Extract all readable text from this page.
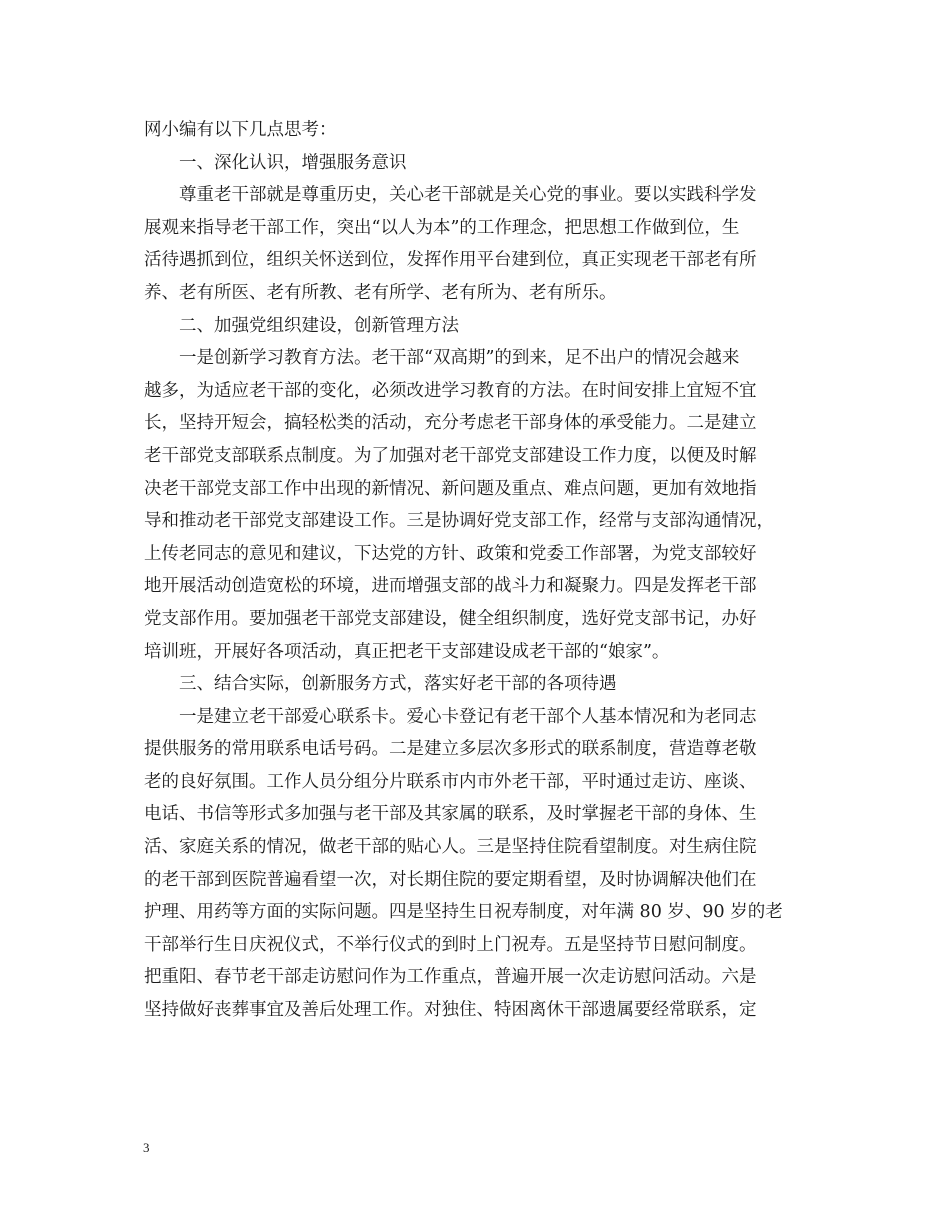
网小编有以下几点思考：

一、深化认识，增强服务意识

尊重老干部就是尊重历史，关心老干部就是关心党的事业。要以实践科学发

展观来指导老干部工作，突出“以人为本”的工作理念，把思想工作做到位，生

活待遇抓到位，组织关怀送到位，发挥作用平台建到位，真正实现老干部老有所

养、老有所医、老有所教、老有所学、老有所为、老有所乐。

二、加强党组织建设，创新管理方法

一是创新学习教育方法。老干部“双高期”的到来，足不出户的情况会越来

越多，为适应老干部的变化，必须改进学习教育的方法。在时间安排上宜短不宜

长，坚持开短会，搞轻松类的活动，充分考虑老干部身体的承受能力。二是建立

老干部党支部联系点制度。为了加强对老干部党支部建设工作力度，以便及时解

决老干部党支部工作中出现的新情况、新问题及重点、难点问题，更加有效地指

导和推动老干部党支部建设工作。三是协调好党支部工作，经常与支部沟通情况，

上传老同志的意见和建议，下达党的方针、政策和党委工作部署，为党支部较好

地开展活动创造宽松的环境，进而增强支部的战斗力和凝聚力。四是发挥老干部

党支部作用。要加强老干部党支部建设，健全组织制度，选好党支部书记，办好

培训班，开展好各项活动，真正把老干支部建设成老干部的“娘家”。

三、结合实际，创新服务方式，落实好老干部的各项待遇

一是建立老干部爱心联系卡。爱心卡登记有老干部个人基本情况和为老同志

提供服务的常用联系电话号码。二是建立多层次多形式的联系制度，营造尊老敬

老的良好氛围。工作人员分组分片联系市内市外老干部，平时通过走访、座谈、

电话、书信等形式多加强与老干部及其家属的联系，及时掌握老干部的身体、生

活、家庭关系的情况，做老干部的贴心人。三是坚持住院看望制度。对生病住院

的老干部到医院普遍看望一次，对长期住院的要定期看望，及时协调解决他们在

护理、用药等方面的实际问题。四是坚持生日祝寿制度，对年满 80 岁、90 岁的老

干部举行生日庆祝仪式，不举行仪式的到时上门祝寿。五是坚持节日慰问制度。

把重阳、春节老干部走访慰问作为工作重点，普遍开展一次走访慰问活动。六是

坚持做好丧葬事宜及善后处理工作。对独住、特困离休干部遗属要经常联系，定

3
